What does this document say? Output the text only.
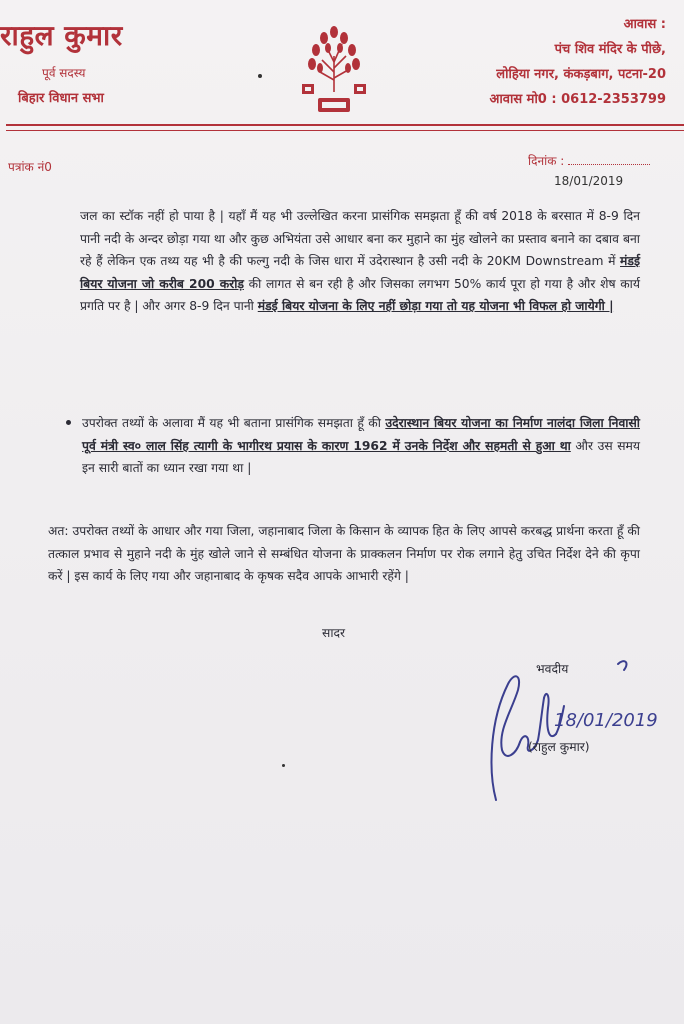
राहुल कुमार
पूर्व सदस्य
बिहार विधान सभा
आवास :
पंच शिव मंदिर के पीछे,
लोहिया नगर, कंकड़बाग, पटना-20
आवास मो0 : 0612-2353799
पत्रांक नं0	दिनांक :
18/01/2019

जल का स्टॉक नहीं हो पाया है | यहाँ मैं यह भी उल्लेखित करना प्रासंगिक समझता हूँ की वर्ष 2018 के बरसात में 8-9 दिन पानी नदी के अन्दर छोड़ा गया था और कुछ अभियंता उसे आधार बना कर मुहाने का मुंह खोलने का प्रस्ताव बनाने का दबाव बना रहे हैं लेकिन एक तथ्य यह भी है की फल्गु नदी के जिस धारा में उदेरास्थान है उसी नदी के 20KM Downstream में मंडई बियर योजना जो करीब 200 करोड़ की लागत से बन रही है और जिसका लगभग 50% कार्य पूरा हो गया है और शेष कार्य प्रगति पर है | और अगर 8-9 दिन पानी मंडई बियर योजना के लिए नहीं छोड़ा गया तो यह योजना भी विफल हो जायेगी |

उपरोक्त तथ्यों के अलावा मैं यह भी बताना प्रासंगिक समझता हूँ की उदेरास्थान बियर योजना का निर्माण नालंदा जिला निवासी पूर्व मंत्री स्व० लाल सिंह त्यागी के भागीरथ प्रयास के कारण 1962 में उनके निर्देश और सहमती से हुआ था और उस समय इन सारी बातों का ध्यान रखा गया था |
अत: उपरोक्त तथ्यों के आधार और गया जिला, जहानाबाद जिला के किसान के व्यापक हित के लिए आपसे करबद्ध प्रार्थना करता हूँ की तत्काल प्रभाव से मुहाने नदी के मुंह खोले जाने से सम्बंधित योजना के प्राक्कलन निर्माण पर रोक लगाने हेतु उचित निर्देश देने की कृपा करें | इस कार्य के लिए गया और जहानाबाद के कृषक सदैव आपके आभारी रहेंगे |
सादर
भवदीय
18/01/2019
(राहुल कुमार)
